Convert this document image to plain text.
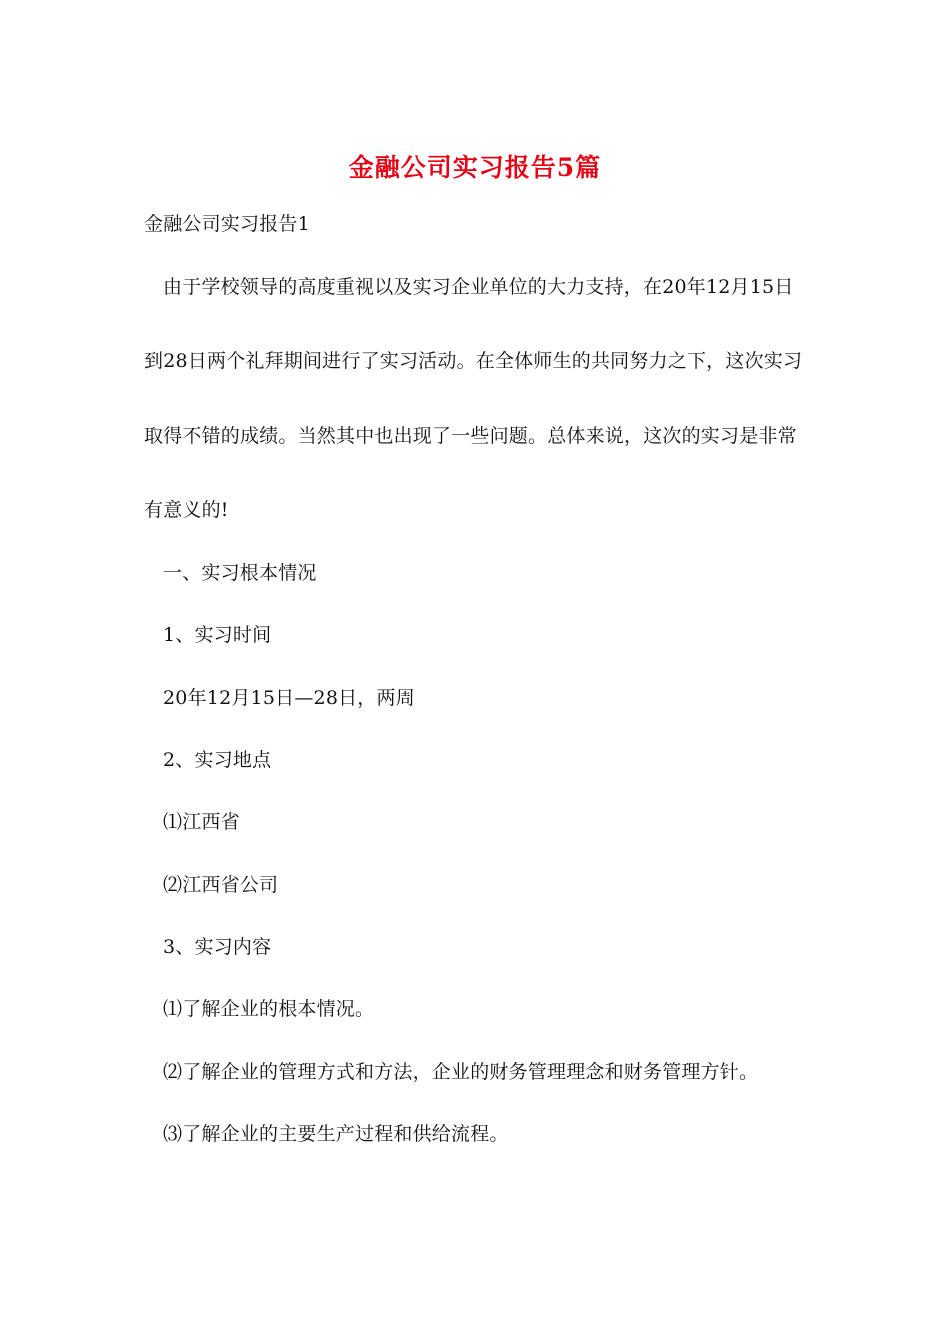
金融公司实习报告5篇
金融公司实习报告1
由于学校领导的高度重视以及实习企业单位的大力支持，在20年12月15日
到28日两个礼拜期间进行了实习活动。在全体师生的共同努力之下，这次实习
取得不错的成绩。当然其中也出现了一些问题。总体来说，这次的实习是非常
有意义的!
一、实习根本情况
1、实习时间
20年12月15日—28日，两周
2、实习地点
⑴江西省
⑵江西省公司
3、实习内容
⑴了解企业的根本情况。
⑵了解企业的管理方式和方法，企业的财务管理理念和财务管理方针。
⑶了解企业的主要生产过程和供给流程。
